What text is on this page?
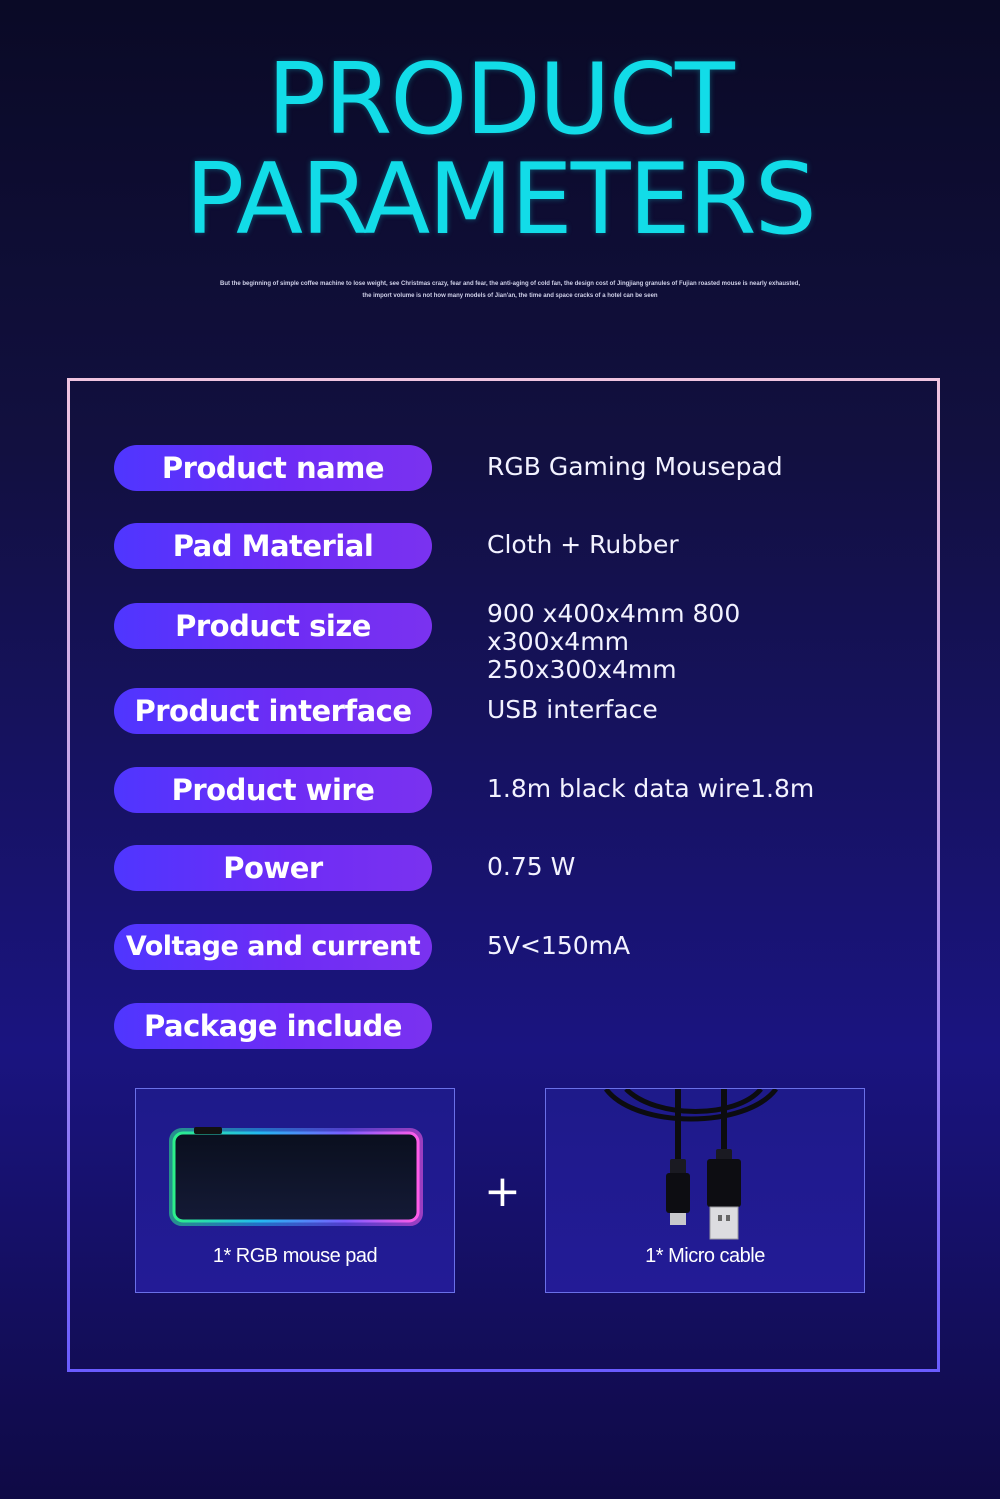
PRODUCT
PARAMETERS
But the beginning of simple coffee machine to lose weight, see Christmas crazy, fear and fear, the anti-aging of cold fan, the design cost of Jingjiang granules of Fujian roasted mouse is nearly exhausted, the import volume is not how many models of Jian'an, the time and space cracks of a hotel can be seen
Product name	RGB Gaming Mousepad
Pad Material	Cloth + Rubber
Product size	900 x400x4mm 800 x300x4mm
250x300x4mm
Product interface	USB interface
Product wire	1.8m black data wire1.8m
Power	0.75 W
Voltage and current	5V<150mA
Package include
1* RGB mouse pad
+
1* Micro cable
